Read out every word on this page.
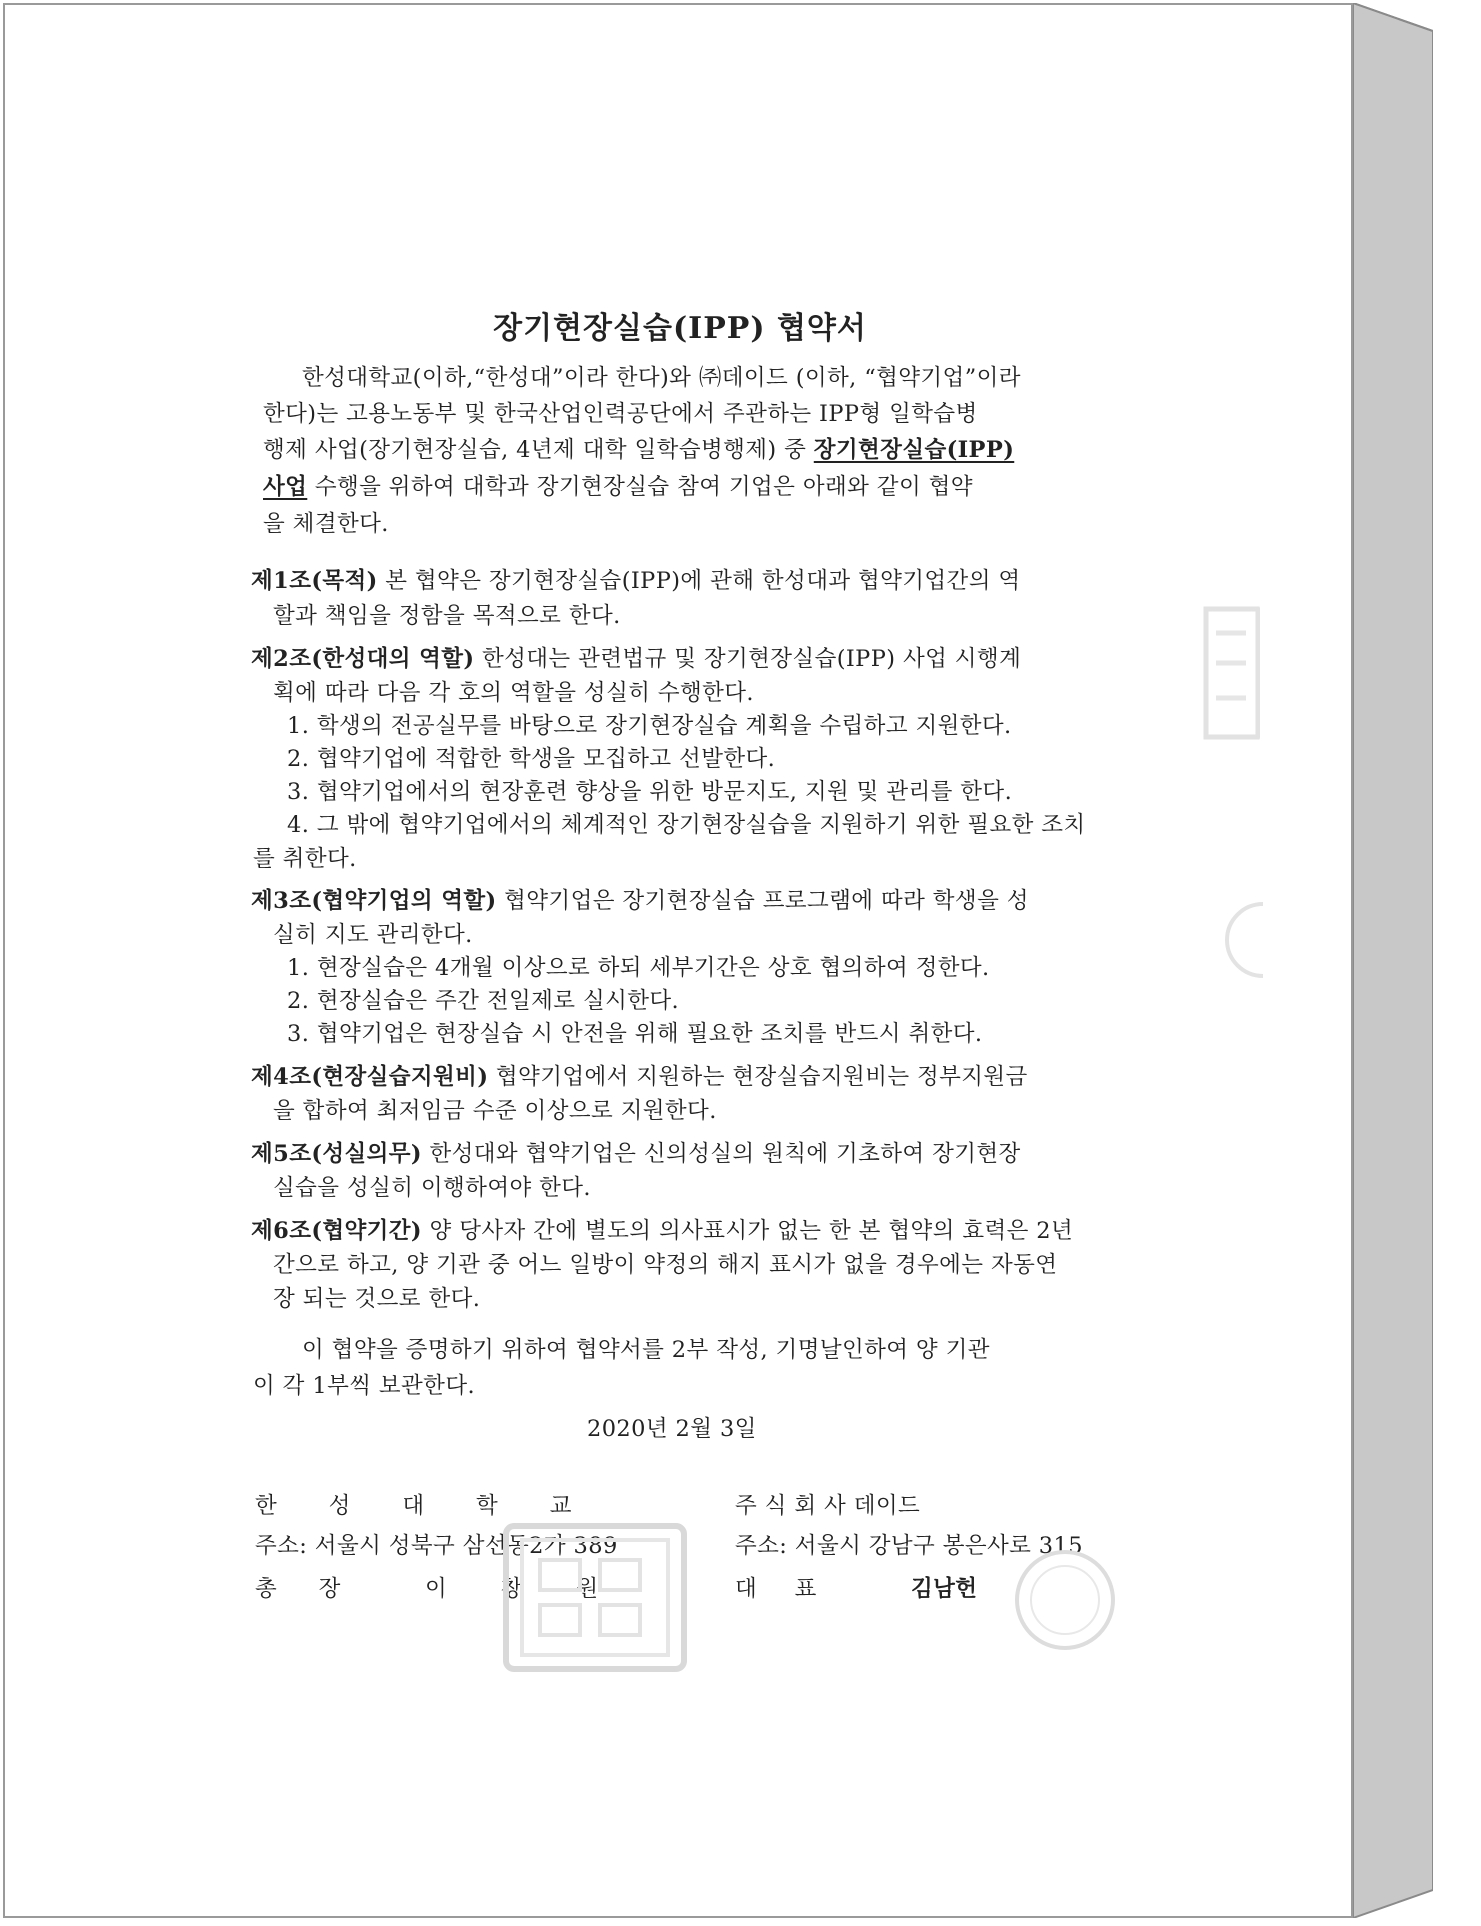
장기현장실습(IPP) 협약서
한성대학교(이하,“한성대”이라 한다)와 ㈜데이드 (이하, “협약기업”이라
한다)는 고용노동부 및 한국산업인력공단에서 주관하는 IPP형 일학습병
행제 사업(장기현장실습, 4년제 대학 일학습병행제) 중 장기현장실습(IPP)
사업 수행을 위하여 대학과 장기현장실습 참여 기업은 아래와 같이 협약
을 체결한다.
제1조(목적) 본 협약은 장기현장실습(IPP)에 관해 한성대과 협약기업간의 역
할과 책임을 정함을 목적으로 한다.
제2조(한성대의 역할) 한성대는 관련법규 및 장기현장실습(IPP) 사업 시행계
획에 따라 다음 각 호의 역할을 성실히 수행한다.
1. 학생의 전공실무를 바탕으로 장기현장실습 계획을 수립하고 지원한다.
2. 협약기업에 적합한 학생을 모집하고 선발한다.
3. 협약기업에서의 현장훈련 향상을 위한 방문지도, 지원 및 관리를 한다.
4. 그 밖에 협약기업에서의 체계적인 장기현장실습을 지원하기 위한 필요한 조치
를 취한다.
제3조(협약기업의 역할) 협약기업은 장기현장실습 프로그램에 따라 학생을 성
실히 지도 관리한다.
1. 현장실습은 4개월 이상으로 하되 세부기간은 상호 협의하여 정한다.
2. 현장실습은 주간 전일제로 실시한다.
3. 협약기업은 현장실습 시 안전을 위해 필요한 조치를 반드시 취한다.
제4조(현장실습지원비) 협약기업에서 지원하는 현장실습지원비는 정부지원금
을 합하여 최저임금 수준 이상으로 지원한다.
제5조(성실의무) 한성대와 협약기업은 신의성실의 원칙에 기초하여 장기현장
실습을 성실히 이행하여야 한다.
제6조(협약기간) 양 당사자 간에 별도의 의사표시가 없는 한 본 협약의 효력은 2년
간으로 하고, 양 기관 중 어느 일방이 약정의 해지 표시가 없을 경우에는 자동연
장 되는 것으로 한다.
이 협약을 증명하기 위하여 협약서를 2부 작성, 기명날인하여 양 기관
이 각 1부씩 보관한다.
2020년 2월 3일
한 성 대 학 교
주소: 서울시 성북구 삼선동2가 389
총 장	이 창 원
주 식 회 사 데이드
주소: 서울시 강남구 봉은사로 315
대 표	김남헌
